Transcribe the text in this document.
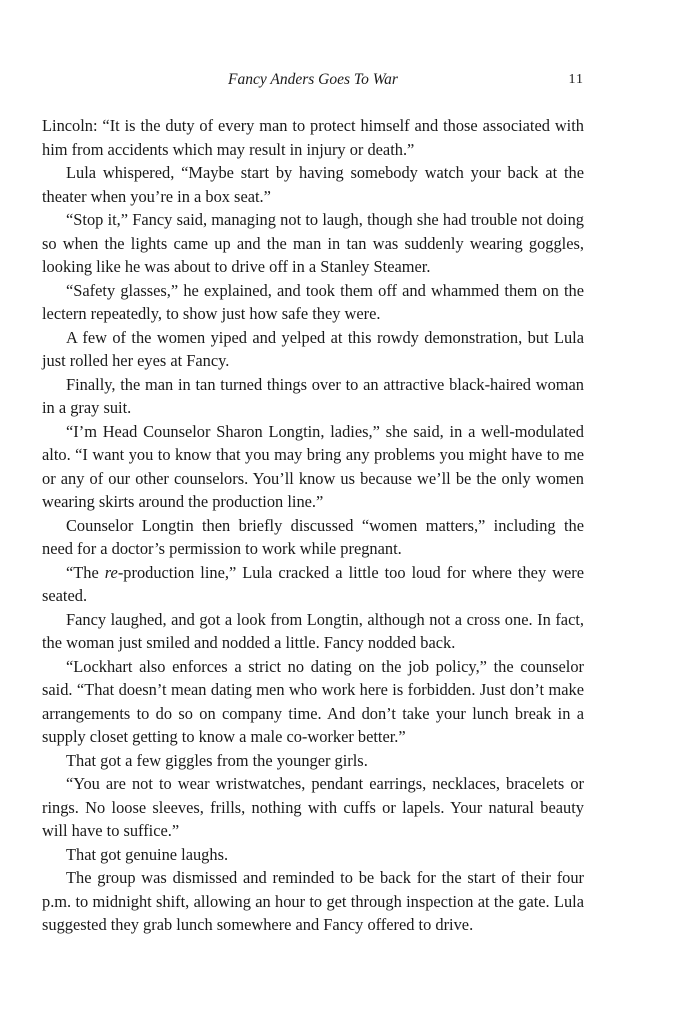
Fancy Anders Goes To War	11

Lincoln: “It is the duty of every man to protect himself and those associated with him from accidents which may result in injury or death.”

Lula whispered, “Maybe start by having somebody watch your back at the theater when you’re in a box seat.”

“Stop it,” Fancy said, managing not to laugh, though she had trouble not doing so when the lights came up and the man in tan was suddenly wearing goggles, looking like he was about to drive off in a Stanley Steamer.

“Safety glasses,” he explained, and took them off and whammed them on the lectern repeatedly, to show just how safe they were.

A few of the women yiped and yelped at this rowdy demonstration, but Lula just rolled her eyes at Fancy.

Finally, the man in tan turned things over to an attractive black-haired woman in a gray suit.

“I’m Head Counselor Sharon Longtin, ladies,” she said, in a well-modulated alto. “I want you to know that you may bring any problems you might have to me or any of our other counselors. You’ll know us because we’ll be the only women wearing skirts around the production line.”

Counselor Longtin then briefly discussed “women matters,” including the need for a doctor’s permission to work while pregnant.

“The re-production line,” Lula cracked a little too loud for where they were seated.

Fancy laughed, and got a look from Longtin, although not a cross one. In fact, the woman just smiled and nodded a little. Fancy nodded back.

“Lockhart also enforces a strict no dating on the job policy,” the counselor said. “That doesn’t mean dating men who work here is forbidden. Just don’t make arrangements to do so on company time. And don’t take your lunch break in a supply closet getting to know a male co-worker better.”

That got a few giggles from the younger girls.

“You are not to wear wristwatches, pendant earrings, necklaces, bracelets or rings. No loose sleeves, frills, nothing with cuffs or lapels. Your natural beauty will have to suffice.”

That got genuine laughs.

The group was dismissed and reminded to be back for the start of their four p.m. to midnight shift, allowing an hour to get through inspection at the gate. Lula suggested they grab lunch somewhere and Fancy offered to drive.
